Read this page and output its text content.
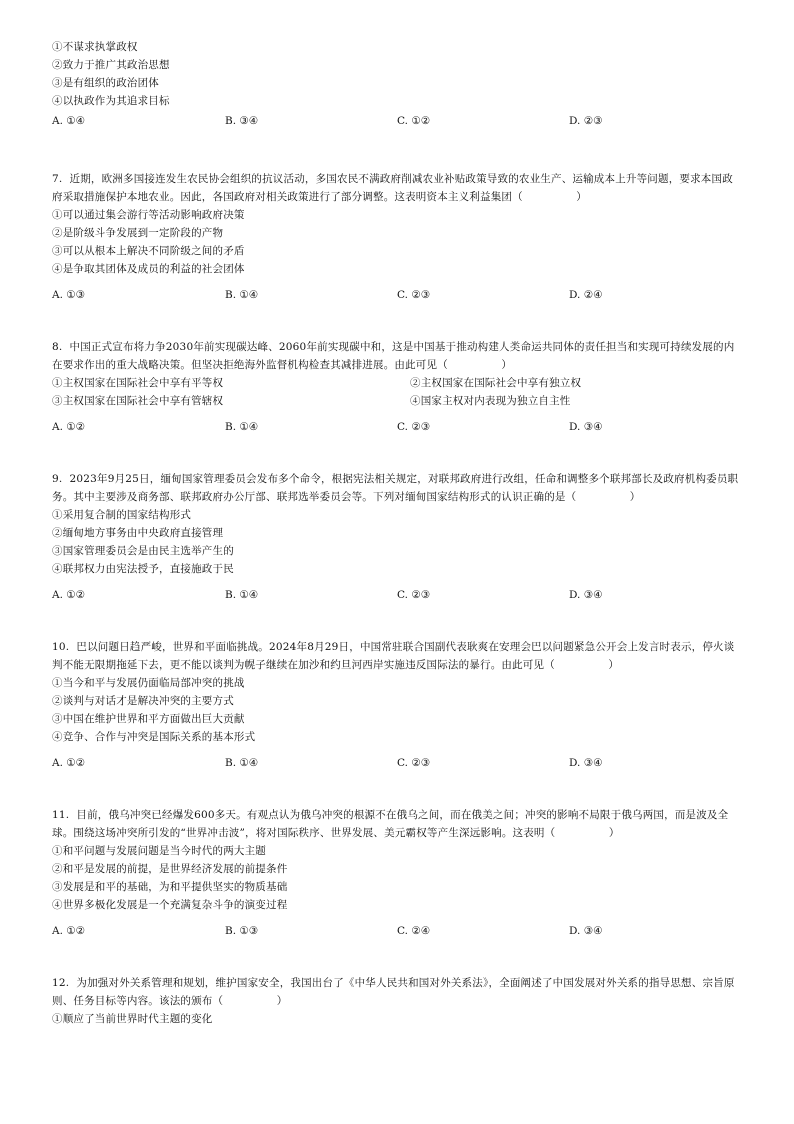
①不谋求执掌政权
②致力于推广其政治思想
③是有组织的政治团体
④以执政作为其追求目标
A. ①④	B. ③④	C. ①②	D. ②③
7. 近期，欧洲多国接连发生农民协会组织的抗议活动，多国农民不满政府削减农业补贴政策导致的农业生产、运输成本上升等问题，要求本国政府采取措施保护本地农业。因此，各国政府对相关政策进行了部分调整。这表明资本主义利益集团（　　　　　）
①可以通过集会游行等活动影响政府决策
②是阶级斗争发展到一定阶段的产物
③可以从根本上解决不同阶级之间的矛盾
④是争取其团体及成员的利益的社会团体
A. ①③	B. ①④	C. ②③	D. ②④
8. 中国正式宣布将力争2030年前实现碳达峰、2060年前实现碳中和，这是中国基于推动构建人类命运共同体的责任担当和实现可持续发展的内在要求作出的重大战略决策。但坚决拒绝海外监督机构检查其减排进展。由此可见（　　　　　）
①主权国家在国际社会中享有平等权	②主权国家在国际社会中享有独立权
③主权国家在国际社会中享有管辖权	④国家主权对内表现为独立自主性
A. ①②	B. ①④	C. ②③	D. ③④
9. 2023年9月25日，缅甸国家管理委员会发布多个命令，根据宪法相关规定，对联邦政府进行改组，任命和调整多个联邦部长及政府机构委员职务。其中主要涉及商务部、联邦政府办公厅部、联邦选举委员会等。下列对缅甸国家结构形式的认识正确的是（　　　　　）
①采用复合制的国家结构形式
②缅甸地方事务由中央政府直接管理
③国家管理委员会是由民主选举产生的
④联邦权力由宪法授予，直接施政于民
A. ①②	B. ①④	C. ②③	D. ③④
10. 巴以问题日趋严峻，世界和平面临挑战。2024年8月29日，中国常驻联合国副代表耿爽在安理会巴以问题紧急公开会上发言时表示，停火谈判不能无限期拖延下去，更不能以谈判为幌子继续在加沙和约旦河西岸实施违反国际法的暴行。由此可见（　　　　　）
①当今和平与发展仍面临局部冲突的挑战
②谈判与对话才是解决冲突的主要方式
③中国在维护世界和平方面做出巨大贡献
④竞争、合作与冲突是国际关系的基本形式
A. ①②	B. ①④	C. ②③	D. ③④
11. 目前，俄乌冲突已经爆发600多天。有观点认为俄乌冲突的根源不在俄乌之间，而在俄美之间；冲突的影响不局限于俄乌两国，而是波及全球。围绕这场冲突所引发的“世界冲击波”，将对国际秩序、世界发展、美元霸权等产生深远影响。这表明（　　　　　）
①和平问题与发展问题是当今时代的两大主题
②和平是发展的前提，是世界经济发展的前提条件
③发展是和平的基础，为和平提供坚实的物质基础
④世界多极化发展是一个充满复杂斗争的演变过程
A. ①②	B. ①③	C. ②④	D. ③④
12. 为加强对外关系管理和规划，维护国家安全，我国出台了《中华人民共和国对外关系法》，全面阐述了中国发展对外关系的指导思想、宗旨原则、任务目标等内容。该法的颁布（　　　　　）
①顺应了当前世界时代主题的变化
